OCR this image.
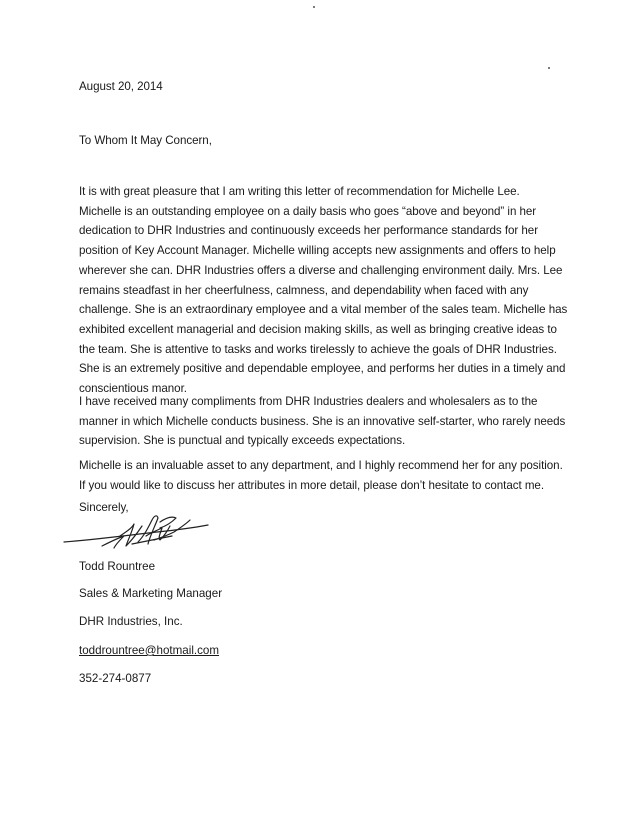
August 20, 2014
To Whom It May Concern,
It is with great pleasure that I am writing this letter of recommendation for Michelle Lee.
Michelle is an outstanding employee on a daily basis who goes “above and beyond” in her
dedication to DHR Industries and continuously exceeds her performance standards for her
position of Key Account Manager. Michelle willing accepts new assignments and offers to help
wherever she can. DHR Industries offers a diverse and challenging environment daily. Mrs. Lee
remains steadfast in her cheerfulness, calmness, and dependability when faced with any
challenge. She is an extraordinary employee and a vital member of the sales team. Michelle has
exhibited excellent managerial and decision making skills, as well as bringing creative ideas to
the team. She is attentive to tasks and works tirelessly to achieve the goals of DHR Industries.
She is an extremely positive and dependable employee, and performs her duties in a timely and
conscientious manor.
I have received many compliments from DHR Industries dealers and wholesalers as to the
manner in which Michelle conducts business. She is an innovative self-starter, who rarely needs
supervision. She is punctual and typically exceeds expectations.
Michelle is an invaluable asset to any department, and I highly recommend her for any position.
If you would like to discuss her attributes in more detail, please don’t hesitate to contact me.
Sincerely,
Todd Rountree
Sales & Marketing Manager
DHR Industries, Inc.
toddrountree@hotmail.com
352-274-0877
